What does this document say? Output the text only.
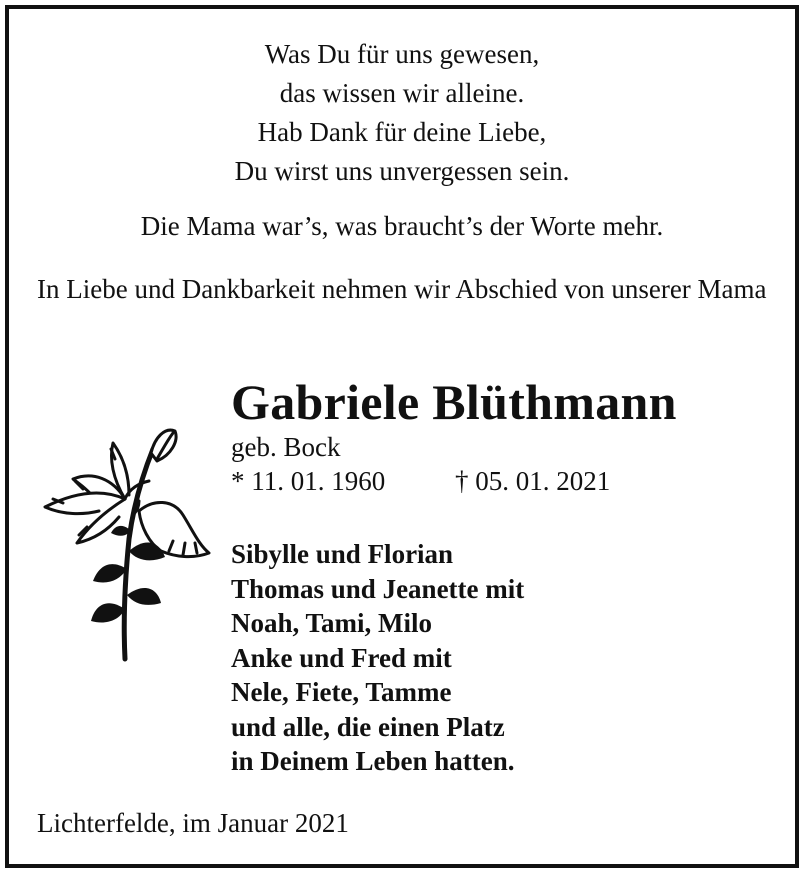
Was Du für uns gewesen,
das wissen wir alleine.
Hab Dank für deine Liebe,
Du wirst uns unvergessen sein.
Die Mama war’s, was braucht’s der Worte mehr.
In Liebe und Dankbarkeit nehmen wir Abschied von unserer Mama
Gabriele Blüthmann
geb. Bock
* 11. 01. 1960	† 05. 01. 2021
Sibylle und Florian
Thomas und Jeanette mit
Noah, Tami, Milo
Anke und Fred mit
Nele, Fiete, Tamme
und alle, die einen Platz
in Deinem Leben hatten.
Lichterfelde, im Januar 2021
